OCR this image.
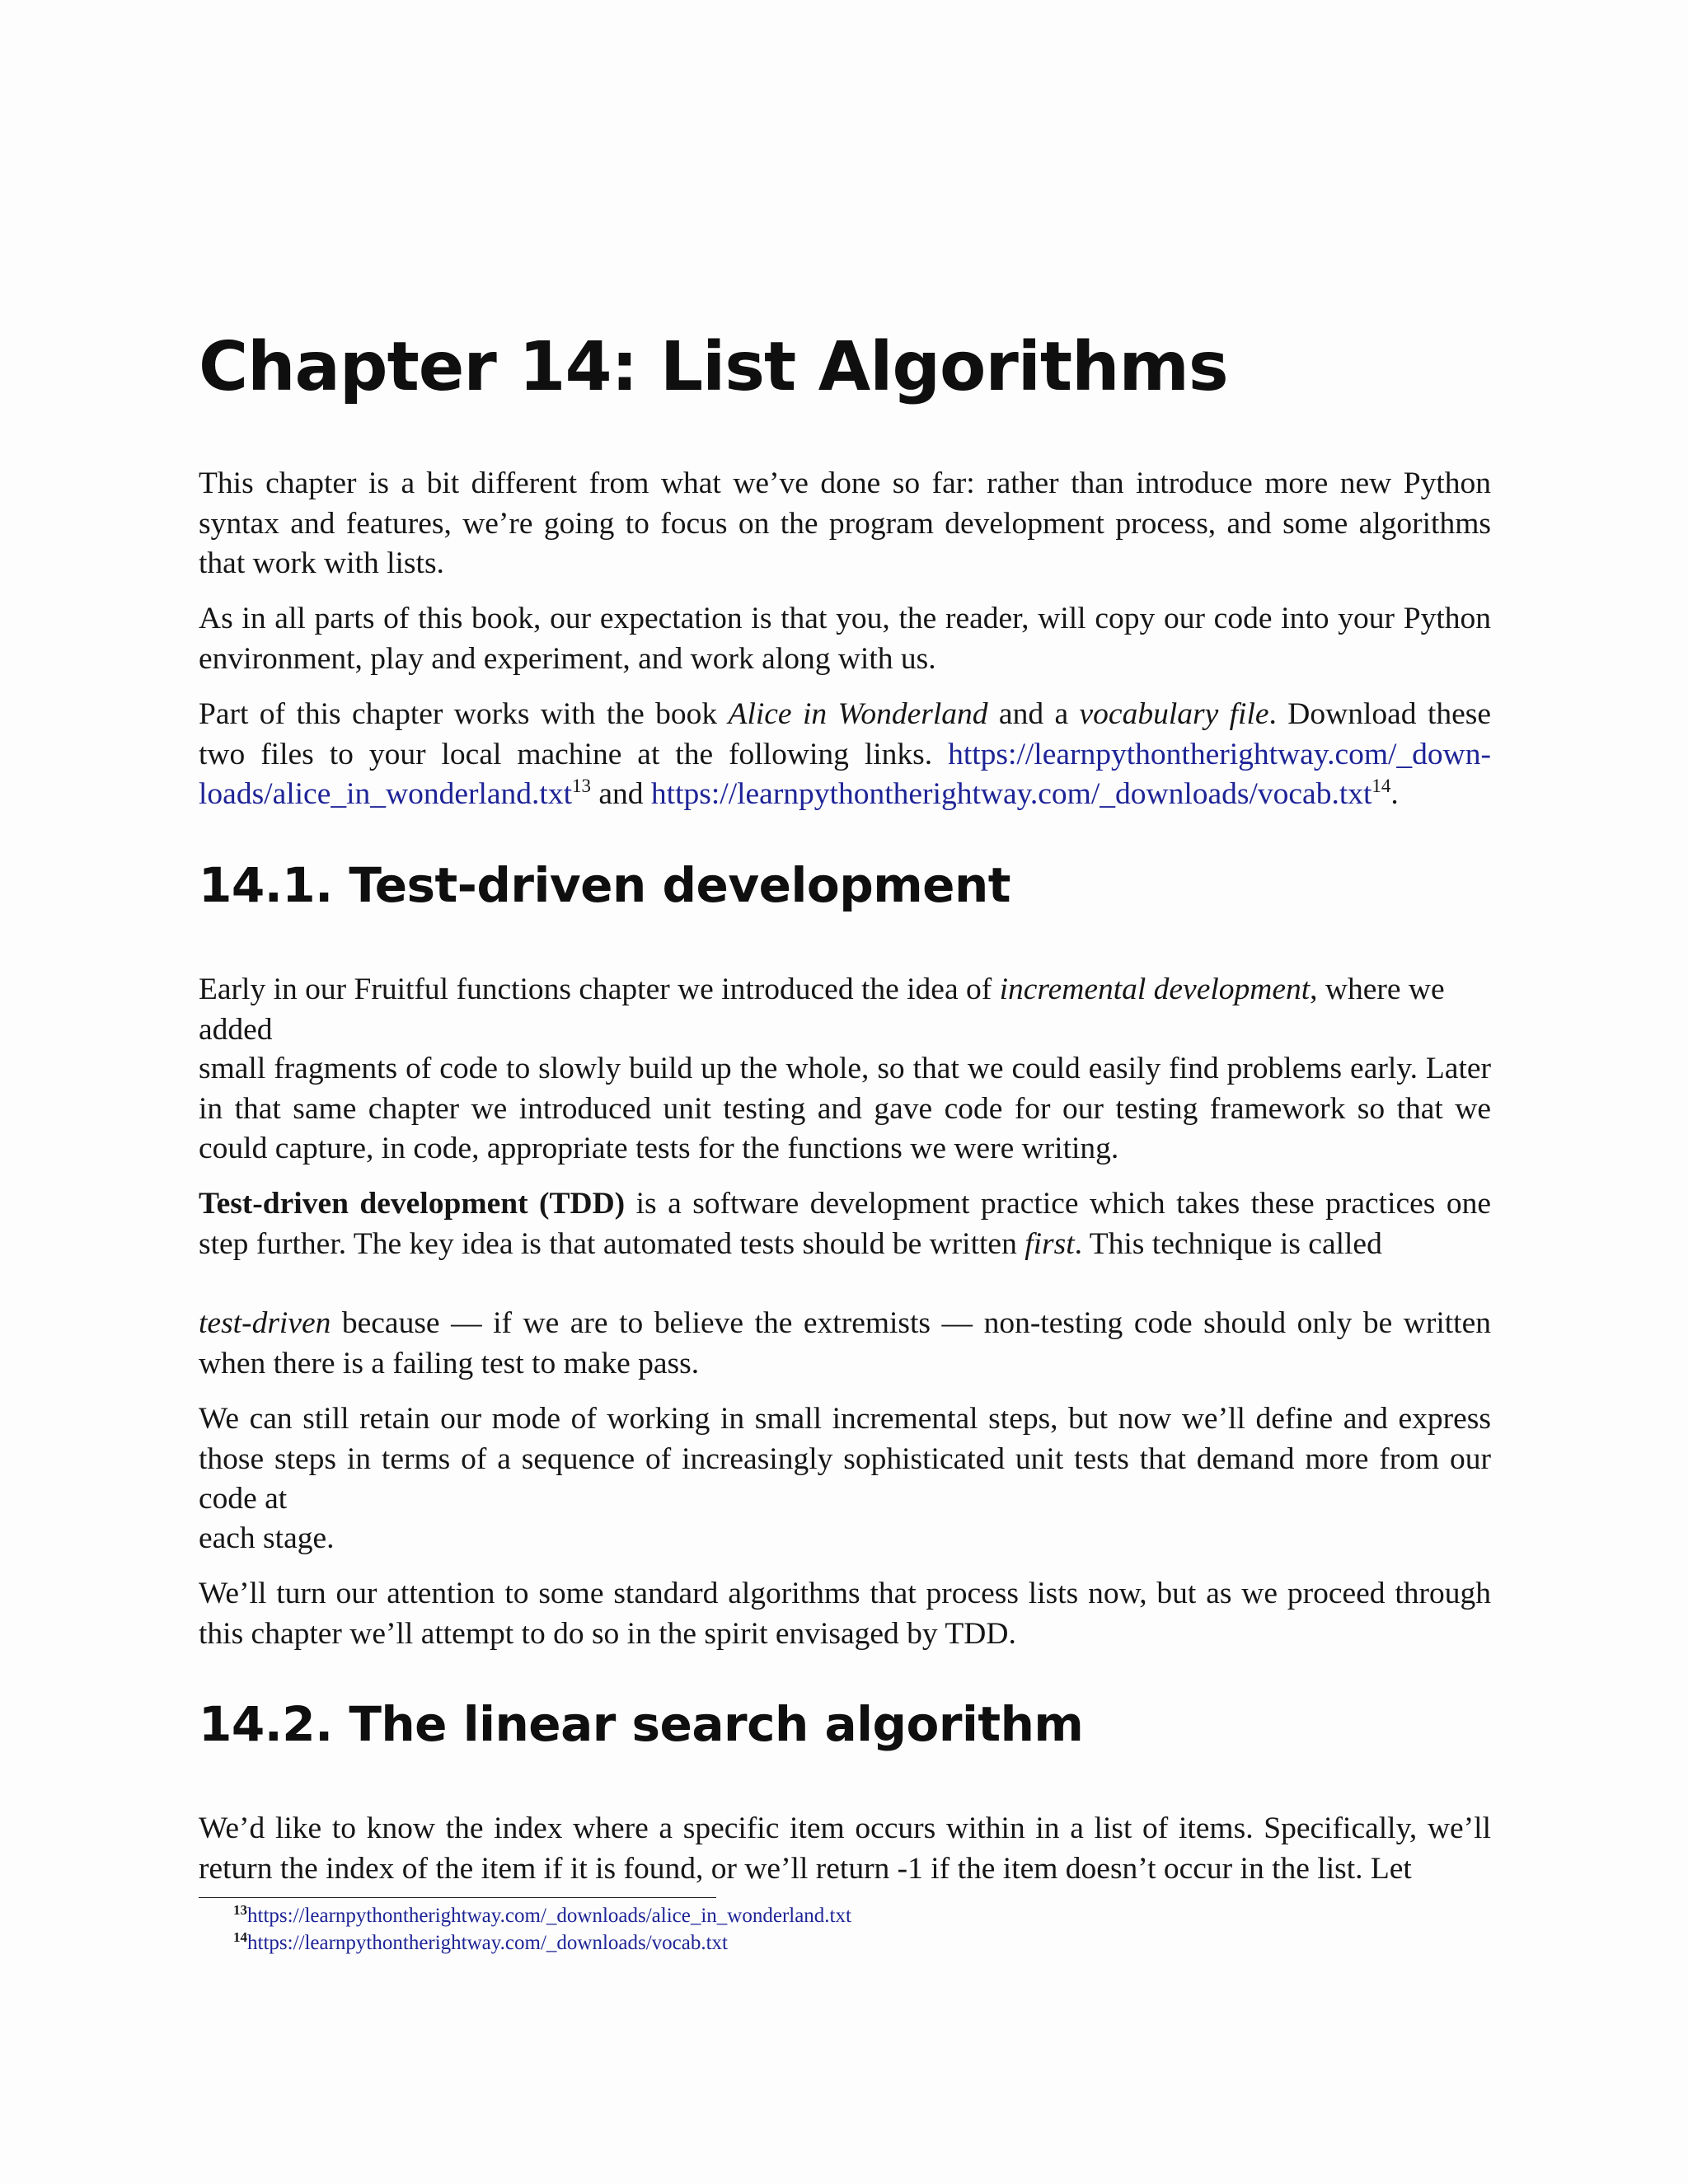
Chapter 14: List Algorithms

This chapter is a bit different from what we’ve done so far: rather than introduce more new Python syntax and features, we’re going to focus on the program development process, and some algorithms that work with lists.

As in all parts of this book, our expectation is that you, the reader, will copy our code into your Python environment, play and experiment, and work along with us.

Part of this chapter works with the book Alice in Wonderland and a vocabulary file. Download these two files to your local machine at the following links. https://learnpythontherightway.com/_down-loads/alice_in_wonderland.txt$^{13}$ and https://learnpythontherightway.com/_downloads/vocab.txt$^{14}$.

14.1. Test-driven development

Early in our Fruitful functions chapter we introduced the idea of incremental development, where we added

small fragments of code to slowly build up the whole, so that we could easily find problems early. Later in that same chapter we introduced unit testing and gave code for our testing framework so that we could capture, in code, appropriate tests for the functions we were writing.

Test-driven development (TDD) is a software development practice which takes these practices one step further. The key idea is that automated tests should be written first. This technique is called

test-driven because — if we are to believe the extremists — non-testing code should only be written when there is a failing test to make pass.

We can still retain our mode of working in small incremental steps, but now we’ll define and express those steps in terms of a sequence of increasingly sophisticated unit tests that demand more from our code at

each stage.

We’ll turn our attention to some standard algorithms that process lists now, but as we proceed through this chapter we’ll attempt to do so in the spirit envisaged by TDD.

14.2. The linear search algorithm

We’d like to know the index where a specific item occurs within in a list of items. Specifically, we’ll return the index of the item if it is found, or we’ll return -1 if the item doesn’t occur in the list. Let

$^{13}$https://learnpythontherightway.com/_downloads/alice_in_wonderland.txt
$^{14}$https://learnpythontherightway.com/_downloads/vocab.txt
